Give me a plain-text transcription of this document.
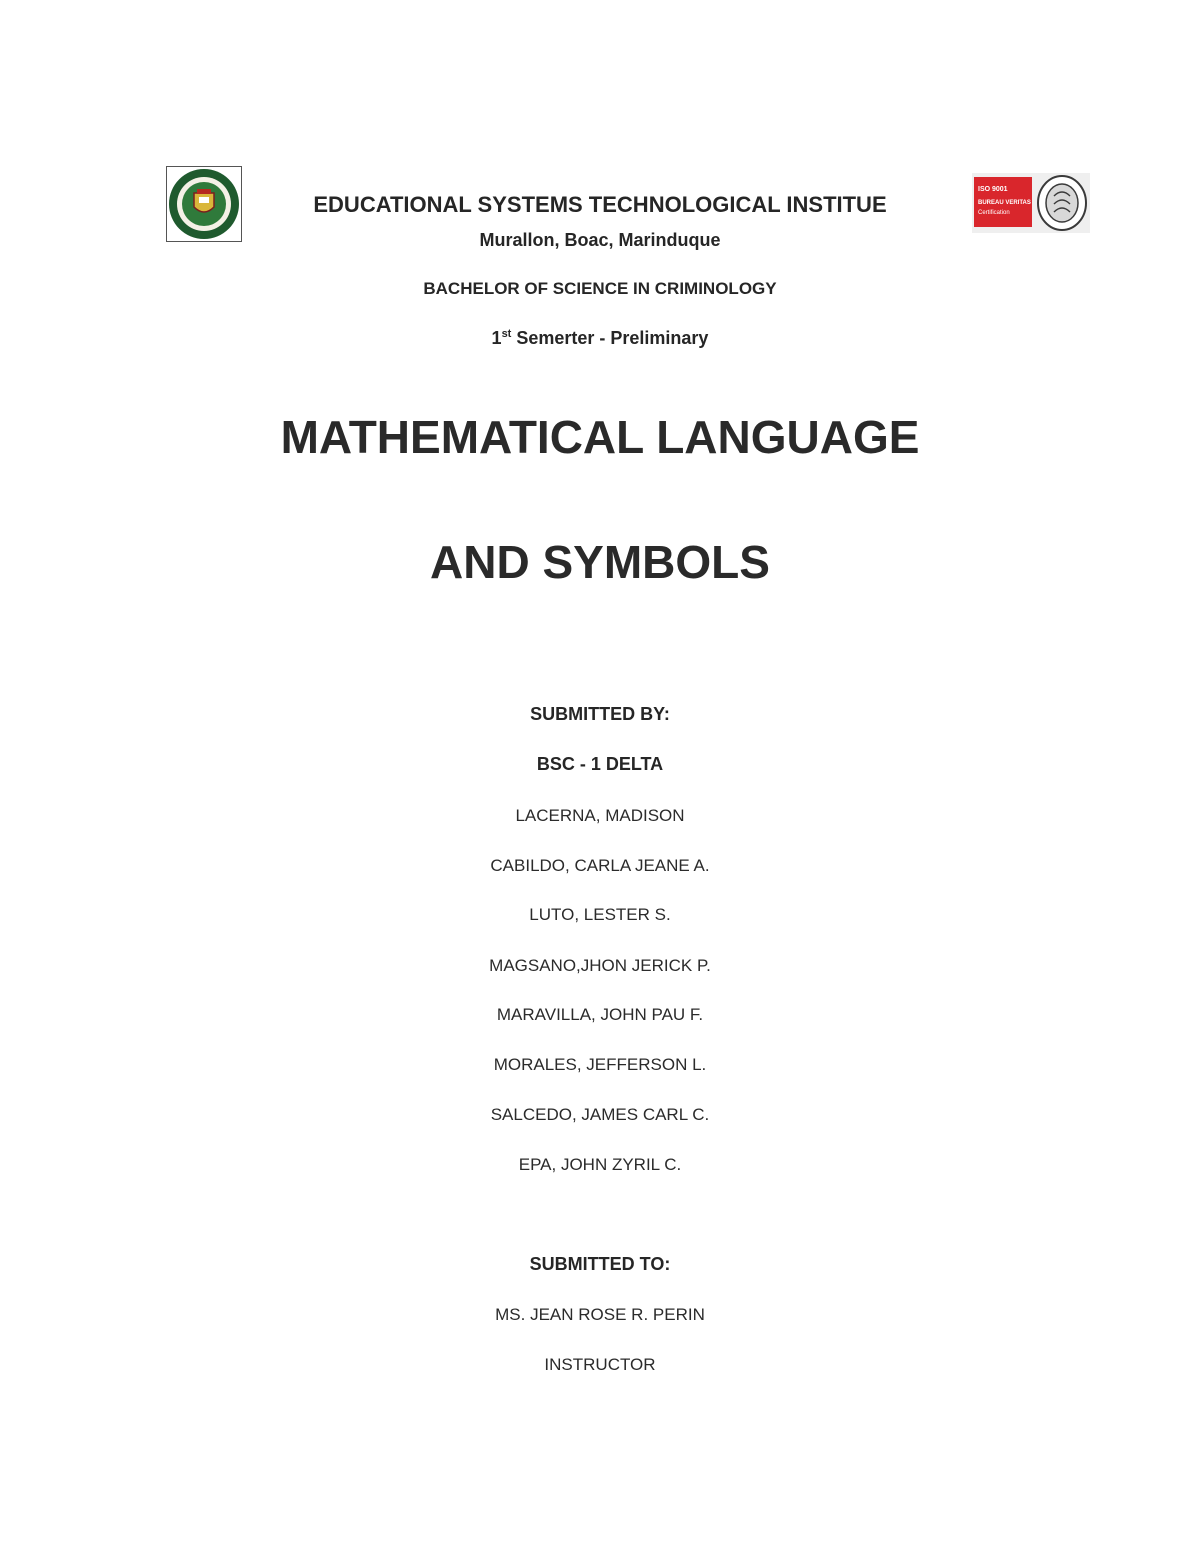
ISO 9001
BUREAU VERITAS
Certification
EDUCATIONAL SYSTEMS TECHNOLOGICAL INSTITUE
Murallon, Boac, Marinduque
BACHELOR OF SCIENCE IN CRIMINOLOGY
1st Semerter - Preliminary
MATHEMATICAL LANGUAGE
AND SYMBOLS
SUBMITTED BY:
BSC - 1 DELTA
LACERNA, MADISON
CABILDO, CARLA JEANE A.
LUTO, LESTER S.
MAGSANO,JHON JERICK P.
MARAVILLA, JOHN PAU F.
MORALES, JEFFERSON L.
SALCEDO, JAMES CARL C.
EPA, JOHN ZYRIL C.
SUBMITTED TO:
MS. JEAN ROSE R. PERIN
INSTRUCTOR
